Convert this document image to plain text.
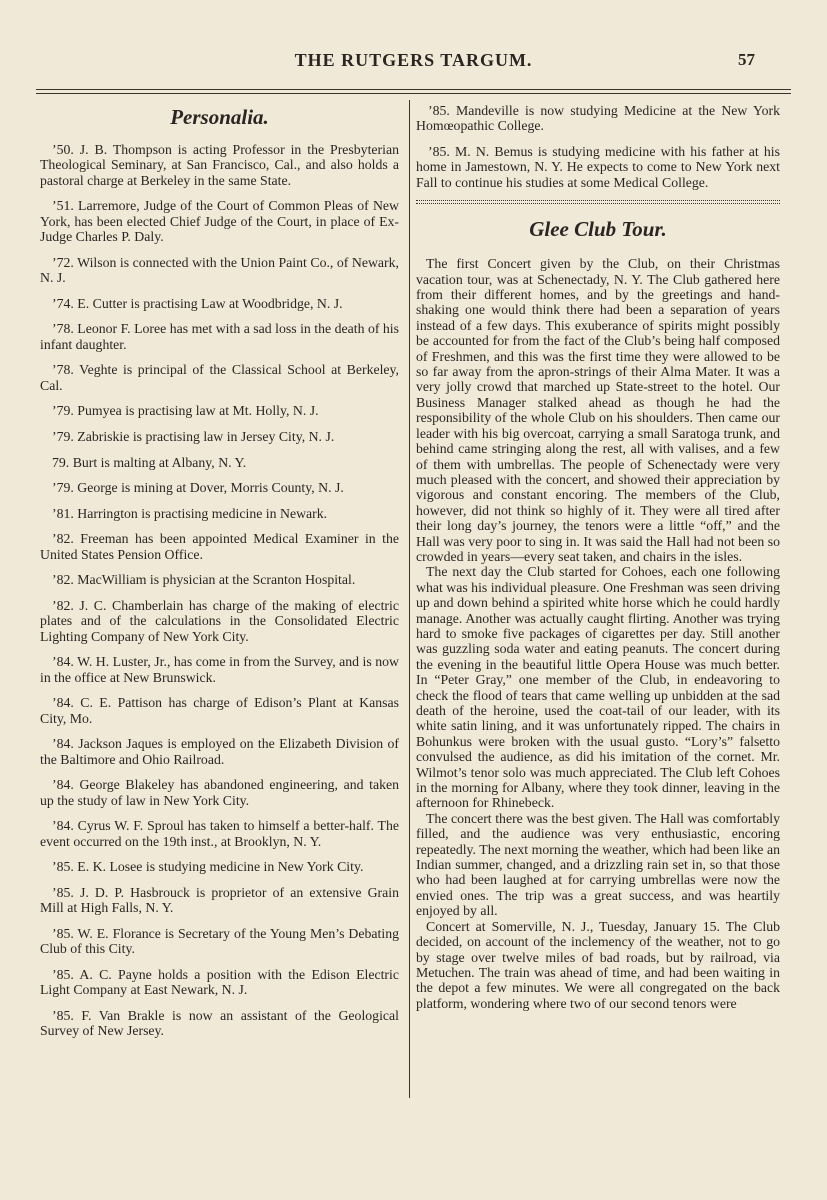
THE RUTGERS TARGUM.	57
Personalia.

’50. J. B. Thompson is acting Professor in the Presbyterian Theological Seminary, at San Francisco, Cal., and also holds a pastoral charge at Berkeley in the same State.

’51. Larremore, Judge of the Court of Common Pleas of New York, has been elected Chief Judge of the Court, in place of Ex-Judge Charles P. Daly.

’72. Wilson is connected with the Union Paint Co., of Newark, N. J.

’74. E. Cutter is practising Law at Woodbridge, N. J.

’78. Leonor F. Loree has met with a sad loss in the death of his infant daughter.

’78. Veghte is principal of the Classical School at Berkeley, Cal.

’79. Pumyea is practising law at Mt. Holly, N. J.

’79. Zabriskie is practising law in Jersey City, N. J.

79. Burt is malting at Albany, N. Y.

’79. George is mining at Dover, Morris County, N. J.

’81. Harrington is practising medicine in Newark.

’82. Freeman has been appointed Medical Examiner in the United States Pension Office.

’82. MacWilliam is physician at the Scranton Hospital.

’82. J. C. Chamberlain has charge of the making of electric plates and of the calculations in the Consolidated Electric Lighting Company of New York City.

’84. W. H. Luster, Jr., has come in from the Survey, and is now in the office at New Brunswick.

’84. C. E. Pattison has charge of Edison’s Plant at Kansas City, Mo.

’84. Jackson Jaques is employed on the Elizabeth Division of the Baltimore and Ohio Railroad.

’84. George Blakeley has abandoned engineering, and taken up the study of law in New York City.

’84. Cyrus W. F. Sproul has taken to himself a better-half. The event occurred on the 19th inst., at Brooklyn, N. Y.

’85. E. K. Losee is studying medicine in New York City.

’85. J. D. P. Hasbrouck is proprietor of an extensive Grain Mill at High Falls, N. Y.

’85. W. E. Florance is Secretary of the Young Men’s Debating Club of this City.

’85. A. C. Payne holds a position with the Edison Electric Light Company at East Newark, N. J.

’85. F. Van Brakle is now an assistant of the Geological Survey of New Jersey.

’85. Mandeville is now studying Medicine at the New York Homœopathic College.

’85. M. N. Bemus is studying medicine with his father at his home in Jamestown, N. Y. He expects to come to New York next Fall to continue his studies at some Medical College.

Glee Club Tour.

The first Concert given by the Club, on their Christmas vacation tour, was at Schenectady, N. Y. The Club gathered here from their different homes, and by the greetings and hand-shaking one would think there had been a separation of years instead of a few days. This exuberance of spirits might possibly be accounted for from the fact of the Club’s being half composed of Freshmen, and this was the first time they were allowed to be so far away from the apron-strings of their Alma Mater. It was a very jolly crowd that marched up State-street to the hotel. Our Business Manager stalked ahead as though he had the responsibility of the whole Club on his shoulders. Then came our leader with his big overcoat, carrying a small Saratoga trunk, and behind came stringing along the rest, all with valises, and a few of them with umbrellas. The people of Schenectady were very much pleased with the concert, and showed their appreciation by vigorous and constant encoring. The members of the Club, however, did not think so highly of it. They were all tired after their long day’s journey, the tenors were a little “off,” and the Hall was very poor to sing in. It was said the Hall had not been so crowded in years—every seat taken, and chairs in the isles.

The next day the Club started for Cohoes, each one following what was his individual pleasure. One Freshman was seen driving up and down behind a spirited white horse which he could hardly manage. Another was actually caught flirting. Another was trying hard to smoke five packages of cigarettes per day. Still another was guzzling soda water and eating peanuts. The concert during the evening in the beautiful little Opera House was much better. In “Peter Gray,” one member of the Club, in endeavoring to check the flood of tears that came welling up unbidden at the sad death of the heroine, used the coat-tail of our leader, with its white satin lining, and it was unfortunately ripped. The chairs in Bohunkus were broken with the usual gusto. “Lory’s” falsetto convulsed the audience, as did his imitation of the cornet. Mr. Wilmot’s tenor solo was much appreciated. The Club left Cohoes in the morning for Albany, where they took dinner, leaving in the afternoon for Rhinebeck.

The concert there was the best given. The Hall was comfortably filled, and the audience was very enthusiastic, encoring repeatedly. The next morning the weather, which had been like an Indian summer, changed, and a drizzling rain set in, so that those who had been laughed at for carrying umbrellas were now the envied ones. The trip was a great success, and was heartily enjoyed by all.

Concert at Somerville, N. J., Tuesday, January 15. The Club decided, on account of the inclemency of the weather, not to go by stage over twelve miles of bad roads, but by railroad, via Metuchen. The train was ahead of time, and had been waiting in the depot a few minutes. We were all congregated on the back platform, wondering where two of our second tenors were
